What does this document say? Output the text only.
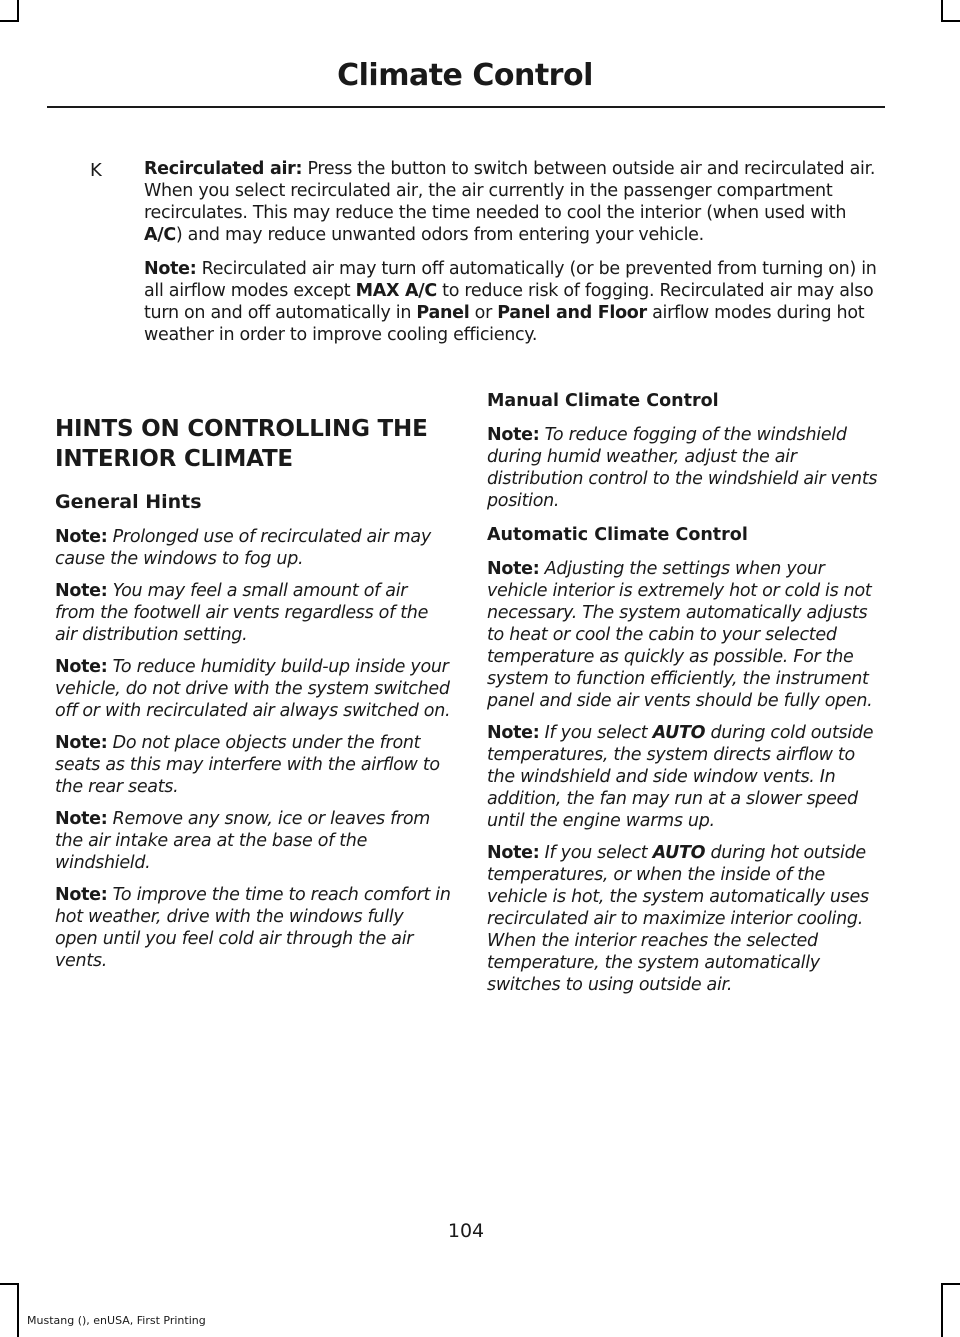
Climate Control
K Recirculated air: Press the button to switch between outside air and recirculated air. When you select recirculated air, the air currently in the passenger compartment recirculates. This may reduce the time needed to cool the interior (when used with A/C) and may reduce unwanted odors from entering your vehicle.

Note: Recirculated air may turn off automatically (or be prevented from turning on) in all airflow modes except MAX A/C to reduce risk of fogging. Recirculated air may also turn on and off automatically in Panel or Panel and Floor airflow modes during hot weather in order to improve cooling efficiency.

HINTS ON CONTROLLING THE
INTERIOR CLIMATE
General Hints

Note: Prolonged use of recirculated air may cause the windows to fog up.

Note: You may feel a small amount of air from the footwell air vents regardless of the air distribution setting.

Note: To reduce humidity build-up inside your vehicle, do not drive with the system switched off or with recirculated air always switched on.

Note: Do not place objects under the front seats as this may interfere with the airflow to the rear seats.

Note: Remove any snow, ice or leaves from the air intake area at the base of the windshield.

Note: To improve the time to reach comfort in hot weather, drive with the windows fully open until you feel cold air through the air vents.

Manual Climate Control

Note: To reduce fogging of the windshield during humid weather, adjust the air distribution control to the windshield air vents position.

Automatic Climate Control

Note: Adjusting the settings when your vehicle interior is extremely hot or cold is not necessary. The system automatically adjusts to heat or cool the cabin to your selected temperature as quickly as possible. For the system to function efficiently, the instrument panel and side air vents should be fully open.

Note: If you select AUTO during cold outside temperatures, the system directs airflow to the windshield and side window vents. In addition, the fan may run at a slower speed until the engine warms up.

Note: If you select AUTO during hot outside temperatures, or when the inside of the vehicle is hot, the system automatically uses recirculated air to maximize interior cooling. When the interior reaches the selected temperature, the system automatically switches to using outside air.

104
Mustang (), enUSA, First Printing
